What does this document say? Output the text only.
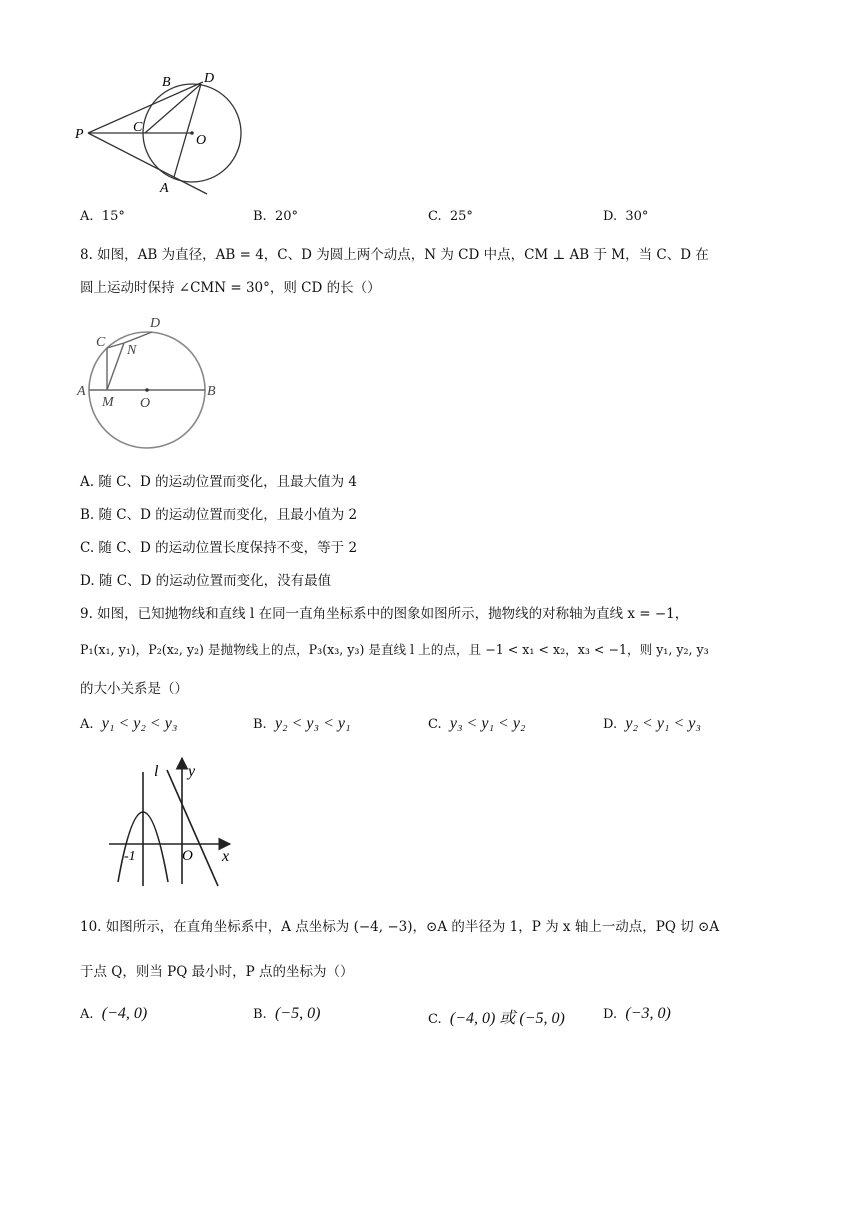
P
B D
C
O
A
A. 15°	B. 20°	C. 25°	D. 30°
8. 如图，AB 为直径，AB = 4，C、D 为圆上两个动点，N 为 CD 中点，CM ⊥ AB 于 M，当 C、D 在
圆上运动时保持 ∠CMN = 30°，则 CD 的长（）
C
D
N
A
M O
B
A. 随 C、D 的运动位置而变化，且最大值为 4
B. 随 C、D 的运动位置而变化，且最小值为 2
C. 随 C、D 的运动位置长度保持不变，等于 2
D. 随 C、D 的运动位置而变化，没有最值
9. 如图，已知抛物线和直线 l 在同一直角坐标系中的图象如图所示，抛物线的对称轴为直线 x = −1，
P₁(x₁, y₁)，P₂(x₂, y₂) 是抛物线上的点，P₃(x₃, y₃) 是直线 l 上的点，且 −1 < x₁ < x₂，x₃ < −1，则 y₁, y₂, y₃
的大小关系是（）
A. y₁ < y₂ < y₃	B. y₂ < y₃ < y₁	C. y₃ < y₁ < y₂	D. y₂ < y₁ < y₃
l y
x
O
-1
10. 如图所示，在直角坐标系中，A 点坐标为 (−4, −3)，⊙A 的半径为 1，P 为 x 轴上一动点，PQ 切 ⊙A
于点 Q，则当 PQ 最小时，P 点的坐标为（）
A. (−4, 0)	B. (−5, 0)	C. (−4, 0) 或 (−5, 0)	D. (−3, 0)
